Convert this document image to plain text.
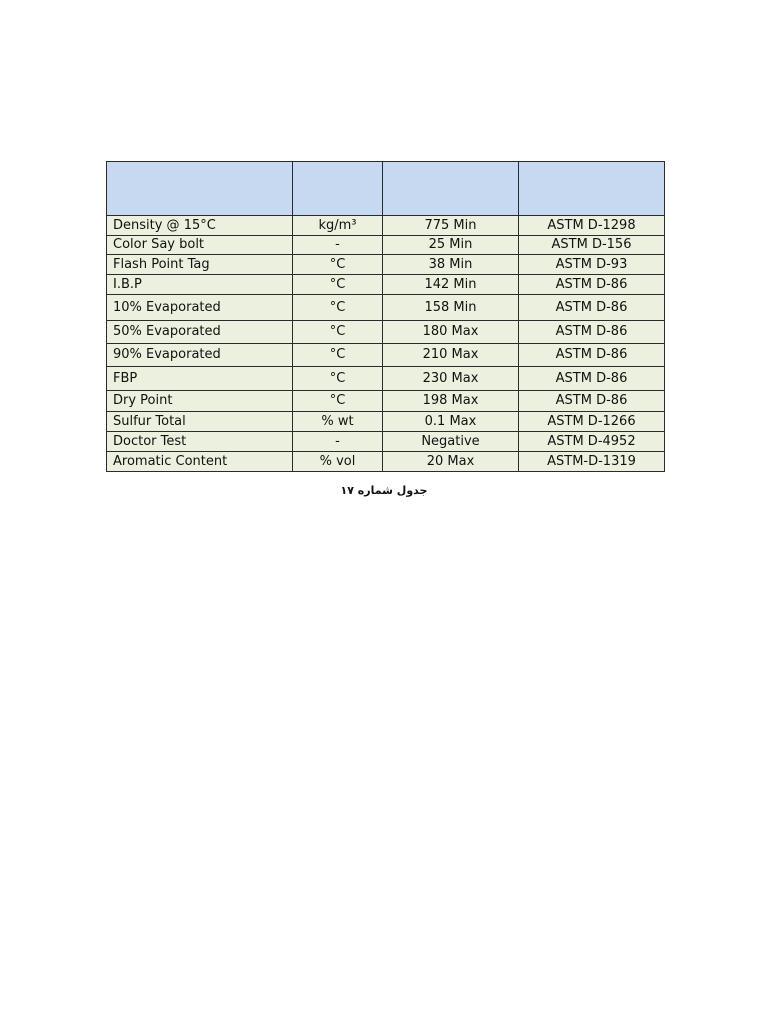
Density @ 15°C	kg/m³	775 Min	ASTM D-1298
Color Say bolt	-	25 Min	ASTM D-156
Flash Point Tag	°C	38 Min	ASTM D-93
I.B.P	°C	142 Min	ASTM D-86
10% Evaporated	°C	158 Min	ASTM D-86
50% Evaporated	°C	180 Max	ASTM D-86
90% Evaporated	°C	210 Max	ASTM D-86
FBP	°C	230 Max	ASTM D-86
Dry Point	°C	198 Max	ASTM D-86
Sulfur Total	% wt	0.1 Max	ASTM D-1266
Doctor Test	-	Negative	ASTM D-4952
Aromatic Content	% vol	20 Max	ASTM-D-1319
جدول شماره ۱۷
